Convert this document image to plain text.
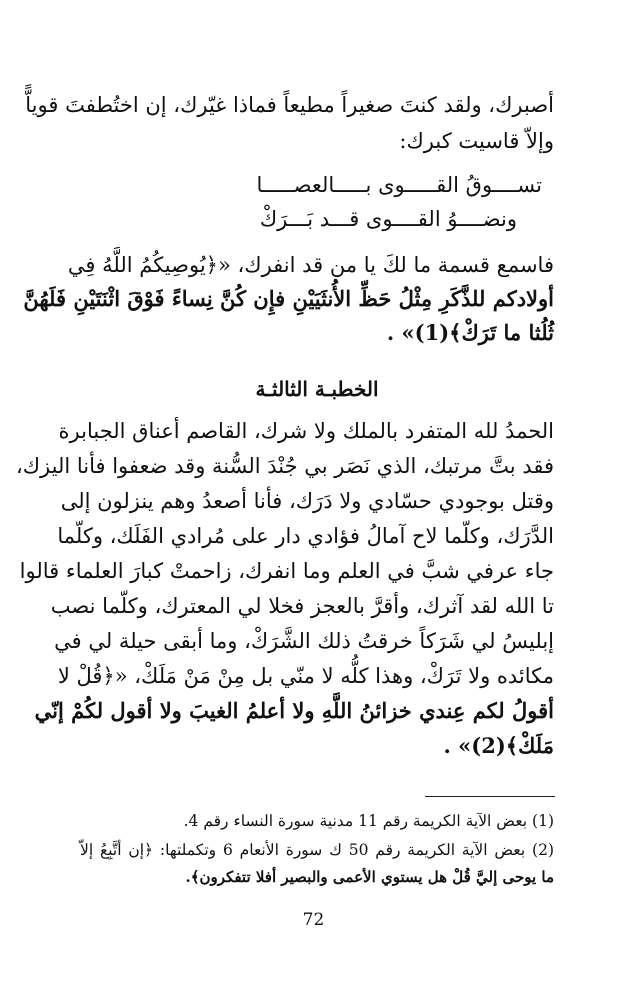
أصبرك، ولقد كنتَ صغيراً مطيعاً فماذا غيّرك، إن اختُطفتَ قوياًّ
وإلاّ قاسيت كبرك:
تســــوقُ القـــــوى بـــــالعصـــــا
ونضــــوُ القــــوى قـــد بَـــرَكْ
فاسمع قسمة ما لكَ يا من قد انفرك، «﴿يُوصِيكُمُ اللَّهُ فِي
أولادكم للذَّكَرِ مِثْلُ حَظِّ الأُنثَيَيْنِ فإِن كُنَّ نِساءً فَوْقَ اثْنَتَيْنِ فَلَهُنَّ
ثُلُثا ما تَرَكْ﴾(1)» .
الخطبـة الثالثـة
الحمدُ لله المتفرد بالملك ولا شرك، القاصم أعناق الجبابرة
فقد بتَّ مرتبك، الذي نَصَر بي جُنْدَ السُّنة وقد ضعفوا فأنا اليزك،
وقتل بوجودي حسّادي ولا دَرَك، فأنا أصعدُ وهم ينزلون إلى
الدَّرَك، وكلّما لاح آمالُ فؤادي دار على مُرادي الفَلَك، وكلّما
جاء عرفي شبَّ في العلم وما انفرك، زاحمتْ كبارَ العلماء قالوا
تا الله لقد آثرك، وأقرَّ بالعجز فخلا لي المعترك، وكلّما نصب
إبليسُ لي شَرَكاً خرقتُ ذلك الشَّرَكْ، وما أبقى حيلة لي في
مكائده ولا تَرَكْ، وهذا كلُّه لا منّي بل مِنْ مَنْ مَلَكْ، «﴿قُلْ لا
أقولُ لكم عِندي خزائنُ اللَّهِ ولا أعلمُ الغيبَ ولا أقول لكُمْ إنّي
مَلَكْ﴾(2)» .
(1) بعض الآية الكريمة رقم 11 مدنية سورة النساء رقم 4.
(2) بعض الآية الكريمة رقم 50 ك سورة الأنعام 6 وتكملتها: ﴿إن أتَّبِعُ إلاّ
ما يوحى إليَّ قُلْ هل يستوي الأعمى والبصير أفلا تتفكرون﴾.
72
